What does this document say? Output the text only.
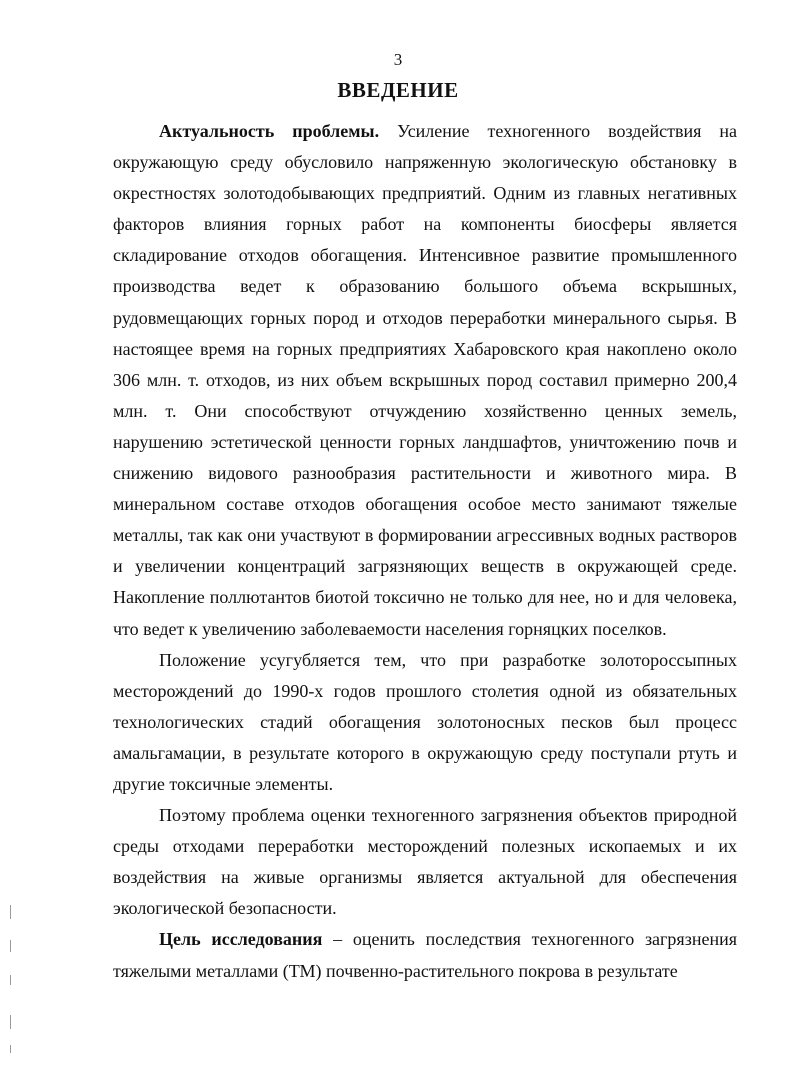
3
ВВЕДЕНИЕ

Актуальность проблемы. Усиление техногенного воздействия на окружающую среду обусловило напряженную экологическую обстановку в окрестностях золотодобывающих предприятий. Одним из главных негативных факторов влияния горных работ на компоненты биосферы является складирование отходов обогащения. Интенсивное развитие промышленного производства ведет к образованию большого объема вскрышных, рудовмещающих горных пород и отходов переработки минерального сырья. В настоящее время на горных предприятиях Хабаровского края накоплено около 306 млн. т. отходов, из них объем вскрышных пород составил примерно 200,4 млн. т. Они способствуют отчуждению хозяйственно ценных земель, нарушению эстетической ценности горных ландшафтов, уничтожению почв и снижению видового разнообразия растительности и животного мира. В минеральном составе отходов обогащения особое место занимают тяжелые металлы, так как они участвуют в формировании агрессивных водных растворов и увеличении концентраций загрязняющих веществ в окружающей среде. Накопление поллютантов биотой токсично не только для нее, но и для человека, что ведет к увеличению заболеваемости населения горняцких поселков.

Положение усугубляется тем, что при разработке золотороссыпных месторождений до 1990-х годов прошлого столетия одной из обязательных технологических стадий обогащения золотоносных песков был процесс амальгамации, в результате которого в окружающую среду поступали ртуть и другие токсичные элементы.

Поэтому проблема оценки техногенного загрязнения объектов природной среды отходами переработки месторождений полезных ископаемых и их воздействия на живые организмы является актуальной для обеспечения экологической безопасности.

Цель исследования – оценить последствия техногенного загрязнения тяжелыми металлами (ТМ) почвенно-растительного покрова в результате
